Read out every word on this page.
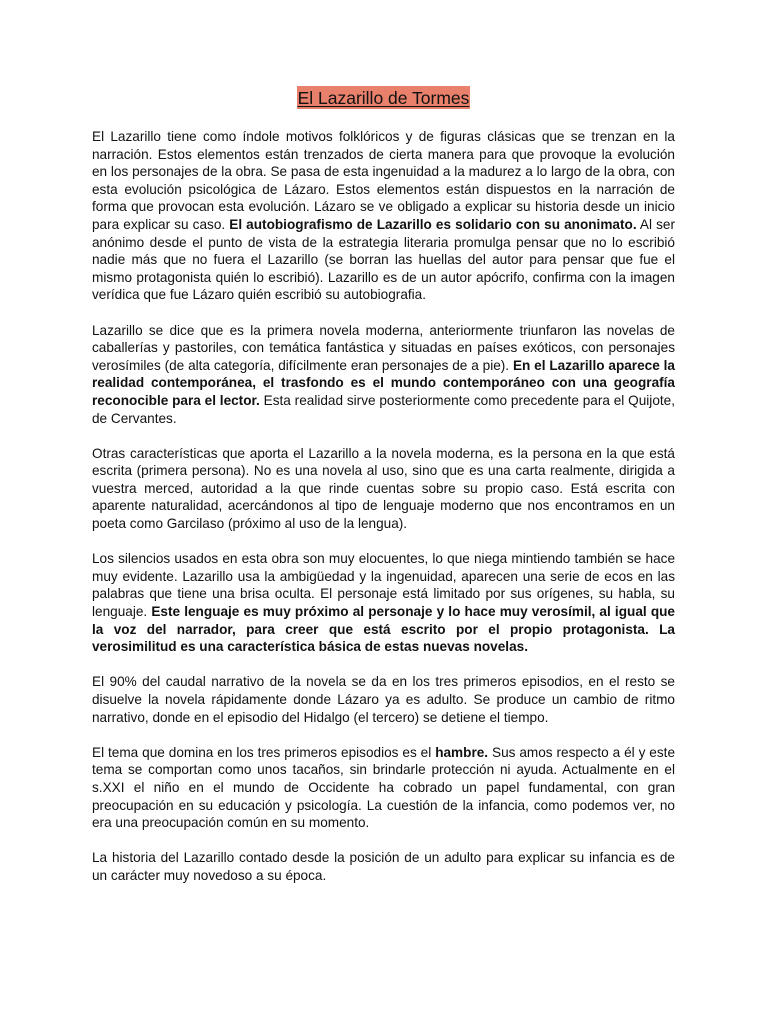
El Lazarillo de Tormes

El Lazarillo tiene como índole motivos folklóricos y de figuras clásicas que se trenzan en la narración. Estos elementos están trenzados de cierta manera para que provoque la evolución en los personajes de la obra. Se pasa de esta ingenuidad a la madurez a lo largo de la obra, con esta evolución psicológica de Lázaro. Estos elementos están dispuestos en la narración de forma que provocan esta evolución. Lázaro se ve obligado a explicar su historia desde un inicio para explicar su caso. El autobiografismo de Lazarillo es solidario con su anonimato. Al ser anónimo desde el punto de vista de la estrategia literaria promulga pensar que no lo escribió nadie más que no fuera el Lazarillo (se borran las huellas del autor para pensar que fue el mismo protagonista quién lo escribió). Lazarillo es de un autor apócrifo, confirma con la imagen verídica que fue Lázaro quién escribió su autobiografia.

Lazarillo se dice que es la primera novela moderna, anteriormente triunfaron las novelas de caballerías y pastoriles, con temática fantástica y situadas en países exóticos, con personajes verosímiles (de alta categoría, difícilmente eran personajes de a pie). En el Lazarillo aparece la realidad contemporánea, el trasfondo es el mundo contemporáneo con una geografía reconocible para el lector. Esta realidad sirve posteriormente como precedente para el Quijote, de Cervantes.

Otras características que aporta el Lazarillo a la novela moderna, es la persona en la que está escrita (primera persona). No es una novela al uso, sino que es una carta realmente, dirigida a vuestra merced, autoridad a la que rinde cuentas sobre su propio caso. Está escrita con aparente naturalidad, acercándonos al tipo de lenguaje moderno que nos encontramos en un poeta como Garcilaso (próximo al uso de la lengua).

Los silencios usados en esta obra son muy elocuentes, lo que niega mintiendo también se hace muy evidente. Lazarillo usa la ambigüedad y la ingenuidad, aparecen una serie de ecos en las palabras que tiene una brisa oculta. El personaje está limitado por sus orígenes, su habla, su lenguaje. Este lenguaje es muy próximo al personaje y lo hace muy verosímil, al igual que la voz del narrador, para creer que está escrito por el propio protagonista. La verosimilitud es una característica básica de estas nuevas novelas.

El 90% del caudal narrativo de la novela se da en los tres primeros episodios, en el resto se disuelve la novela rápidamente donde Lázaro ya es adulto. Se produce un cambio de ritmo narrativo, donde en el episodio del Hidalgo (el tercero) se detiene el tiempo.

El tema que domina en los tres primeros episodios es el hambre. Sus amos respecto a él y este tema se comportan como unos tacaños, sin brindarle protección ni ayuda. Actualmente en el s.XXI el niño en el mundo de Occidente ha cobrado un papel fundamental, con gran preocupación en su educación y psicología. La cuestión de la infancia, como podemos ver, no era una preocupación común en su momento.

La historia del Lazarillo contado desde la posición de un adulto para explicar su infancia es de un carácter muy novedoso a su época.
